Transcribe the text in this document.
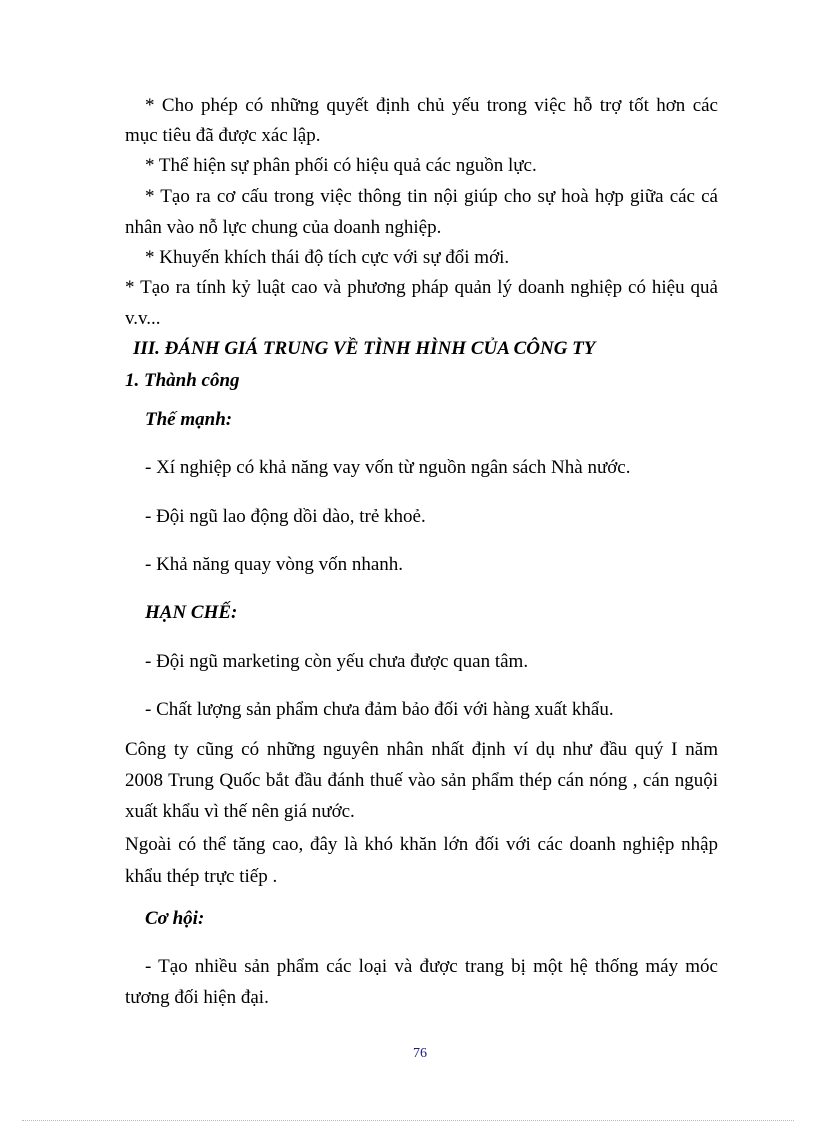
* Cho phép có những quyết định chủ yếu trong việc hỗ trợ tốt hơn các
mục tiêu đã được xác lập.
* Thể hiện sự phân phối có hiệu quả các nguồn lực.
* Tạo ra cơ cấu trong việc thông tin nội giúp cho sự hoà hợp giữa các cá
nhân vào nỗ lực chung của doanh nghiệp.
* Khuyến khích thái độ tích cực với sự đổi mới.
* Tạo ra tính kỷ luật cao và phương pháp quản lý doanh nghiệp có hiệu quả
v.v...
III. ĐÁNH GIÁ TRUNG VỀ TÌNH HÌNH CỦA CÔNG TY
1. Thành công
Thế mạnh:
- Xí nghiệp có khả năng vay vốn từ nguồn ngân sách Nhà nước.
- Đội ngũ lao động dồi dào, trẻ khoẻ.
- Khả năng quay vòng vốn nhanh.
HẠN CHẾ:
- Đội ngũ marketing còn yếu chưa được quan tâm.
- Chất lượng sản phẩm chưa đảm bảo đối với hàng xuất khẩu.
Công ty cũng có những nguyên nhân nhất định ví dụ như đầu quý I năm
2008 Trung Quốc bắt đầu đánh thuế vào sản phẩm thép cán nóng , cán nguội
xuất khẩu vì thế nên giá nước.
Ngoài có thể tăng cao, đây là khó khăn lớn đối với các doanh nghiệp nhập
khẩu thép trực tiếp .
Cơ hội:
- Tạo nhiều sản phẩm các loại và được trang bị một hệ thống máy móc
tương đối hiện đại.
76
